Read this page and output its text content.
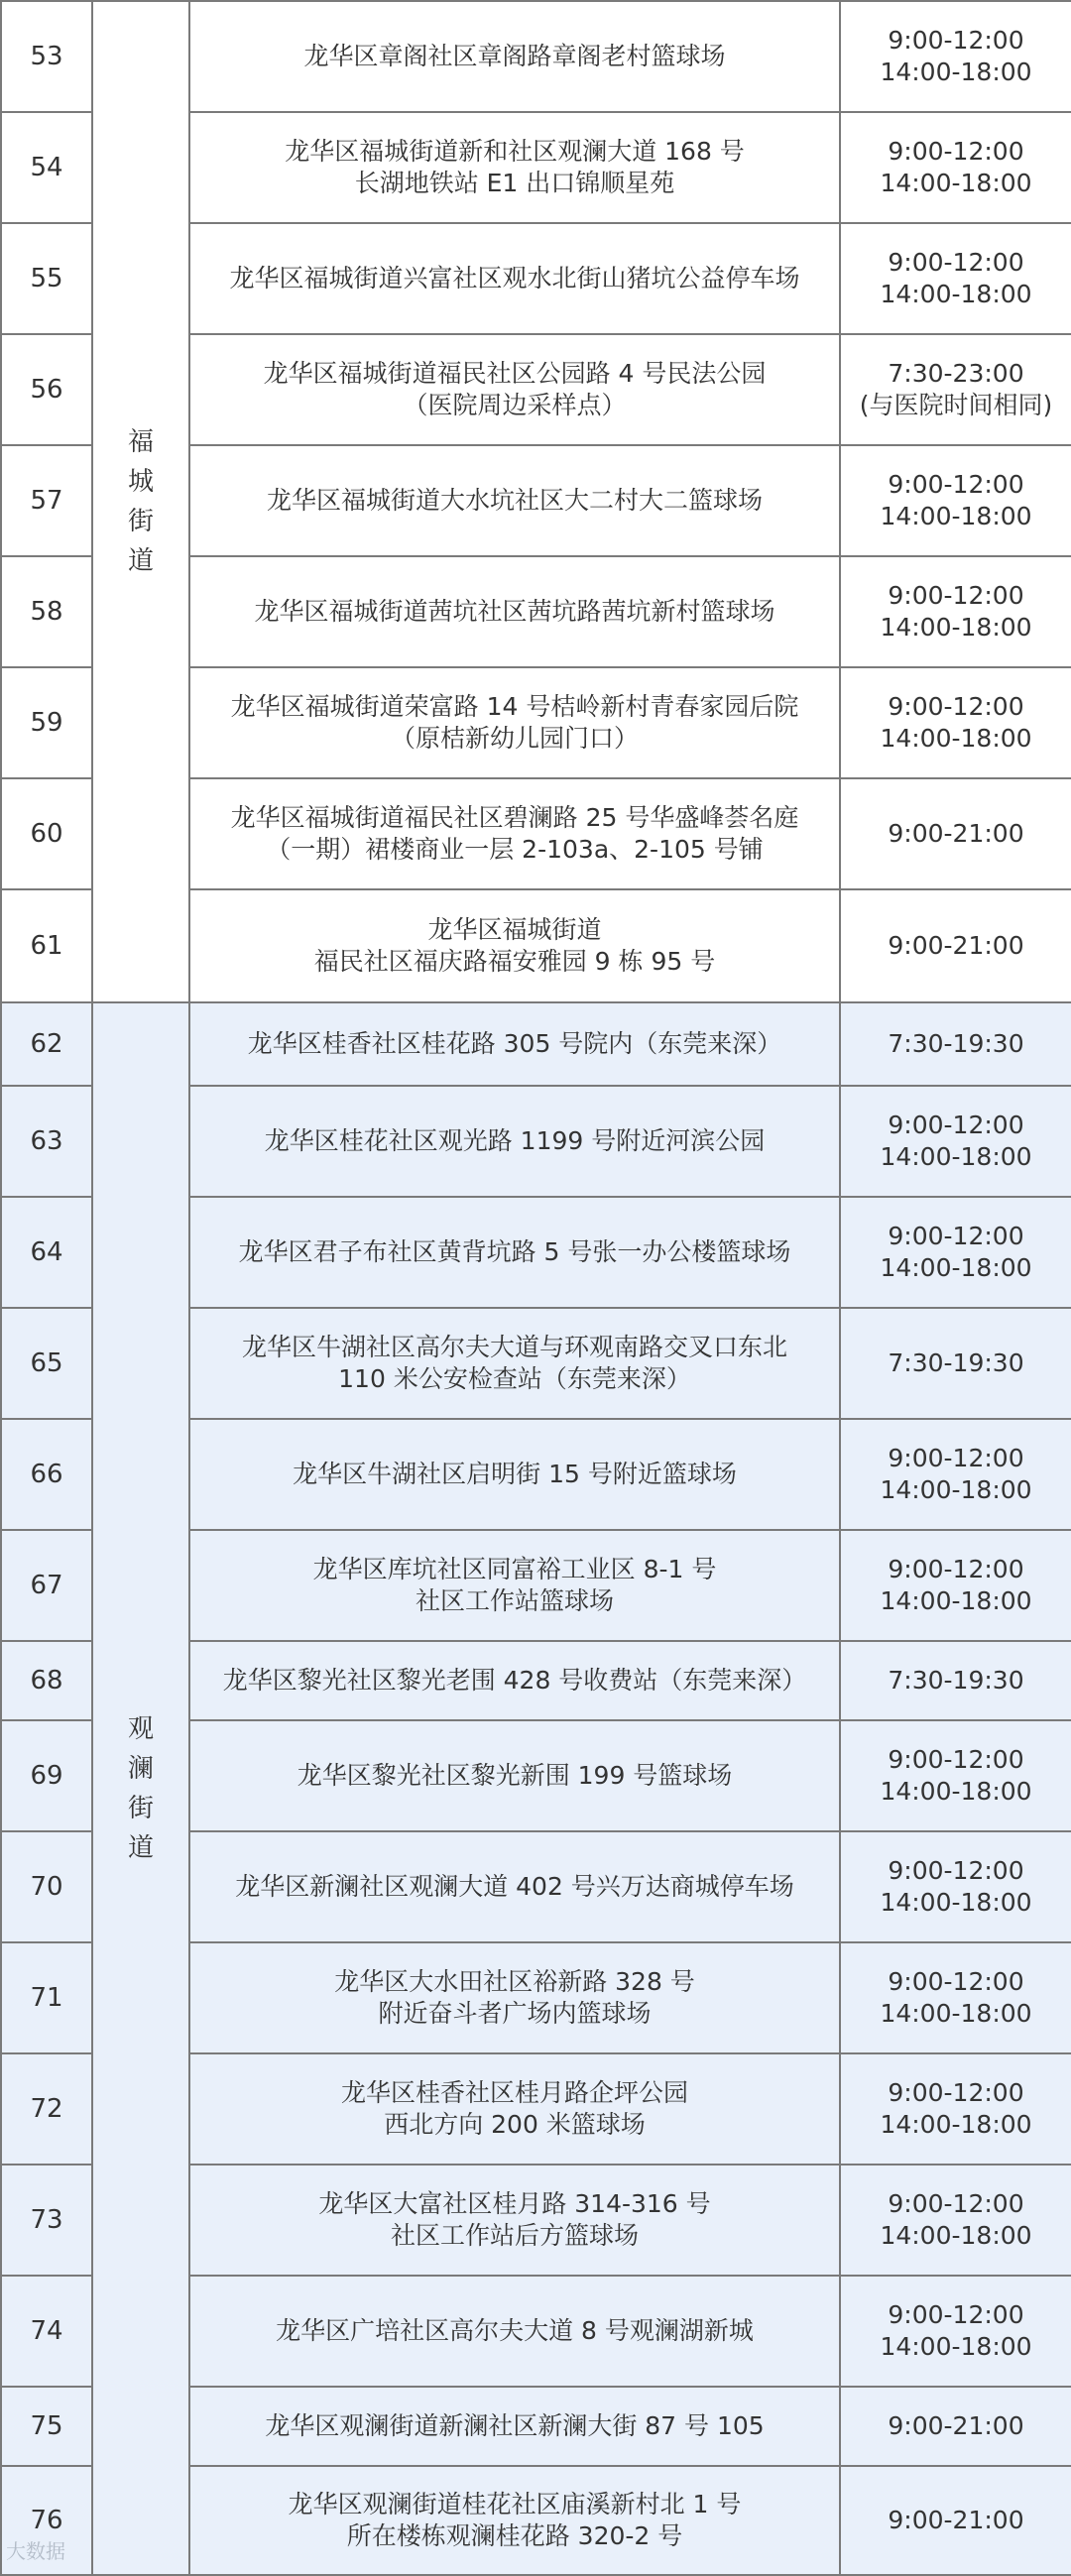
53	福城街道	龙华区章阁社区章阁路章阁老村篮球场	9:00-12:00
14:00-18:00

54		龙华区福城街道新和社区观澜大道 168 号
长湖地铁站 E1 出口锦顺星苑	9:00-12:00
14:00-18:00

55		龙华区福城街道兴富社区观水北街山猪坑公益停车场	9:00-12:00
14:00-18:00

56		龙华区福城街道福民社区公园路 4 号民法公园
（医院周边采样点）	7:30-23:00
(与医院时间相同)

57		龙华区福城街道大水坑社区大二村大二篮球场	9:00-12:00
14:00-18:00

58		龙华区福城街道茜坑社区茜坑路茜坑新村篮球场	9:00-12:00
14:00-18:00

59		龙华区福城街道荣富路 14 号桔岭新村青春家园后院
（原桔新幼儿园门口）	9:00-12:00
14:00-18:00

60		龙华区福城街道福民社区碧澜路 25 号华盛峰荟名庭
（一期）裙楼商业一层 2-103a、2-105 号铺	9:00-21:00

61		龙华区福城街道
福民社区福庆路福安雅园 9 栋 95 号	9:00-21:00

62	观澜街道	龙华区桂香社区桂花路 305 号院内（东莞来深）	7:30-19:30

63		龙华区桂花社区观光路 1199 号附近河滨公园	9:00-12:00
14:00-18:00

64		龙华区君子布社区黄背坑路 5 号张一办公楼篮球场	9:00-12:00
14:00-18:00

65		龙华区牛湖社区高尔夫大道与环观南路交叉口东北
110 米公安检查站（东莞来深）	7:30-19:30

66		龙华区牛湖社区启明街 15 号附近篮球场	9:00-12:00
14:00-18:00

67		龙华区库坑社区同富裕工业区 8-1 号
社区工作站篮球场	9:00-12:00
14:00-18:00

68		龙华区黎光社区黎光老围 428 号收费站（东莞来深）	7:30-19:30

69		龙华区黎光社区黎光新围 199 号篮球场	9:00-12:00
14:00-18:00

70		龙华区新澜社区观澜大道 402 号兴万达商城停车场	9:00-12:00
14:00-18:00

71		龙华区大水田社区裕新路 328 号
附近奋斗者广场内篮球场	9:00-12:00
14:00-18:00

72		龙华区桂香社区桂月路企坪公园
西北方向 200 米篮球场	9:00-12:00
14:00-18:00

73		龙华区大富社区桂月路 314-316 号
社区工作站后方篮球场	9:00-12:00
14:00-18:00

74		龙华区广培社区高尔夫大道 8 号观澜湖新城	9:00-12:00
14:00-18:00

75		龙华区观澜街道新澜社区新澜大街 87 号 105	9:00-21:00

76		龙华区观澜街道桂花社区庙溪新村北 1 号
所在楼栋观澜桂花路 320-2 号	9:00-21:00
大数据
